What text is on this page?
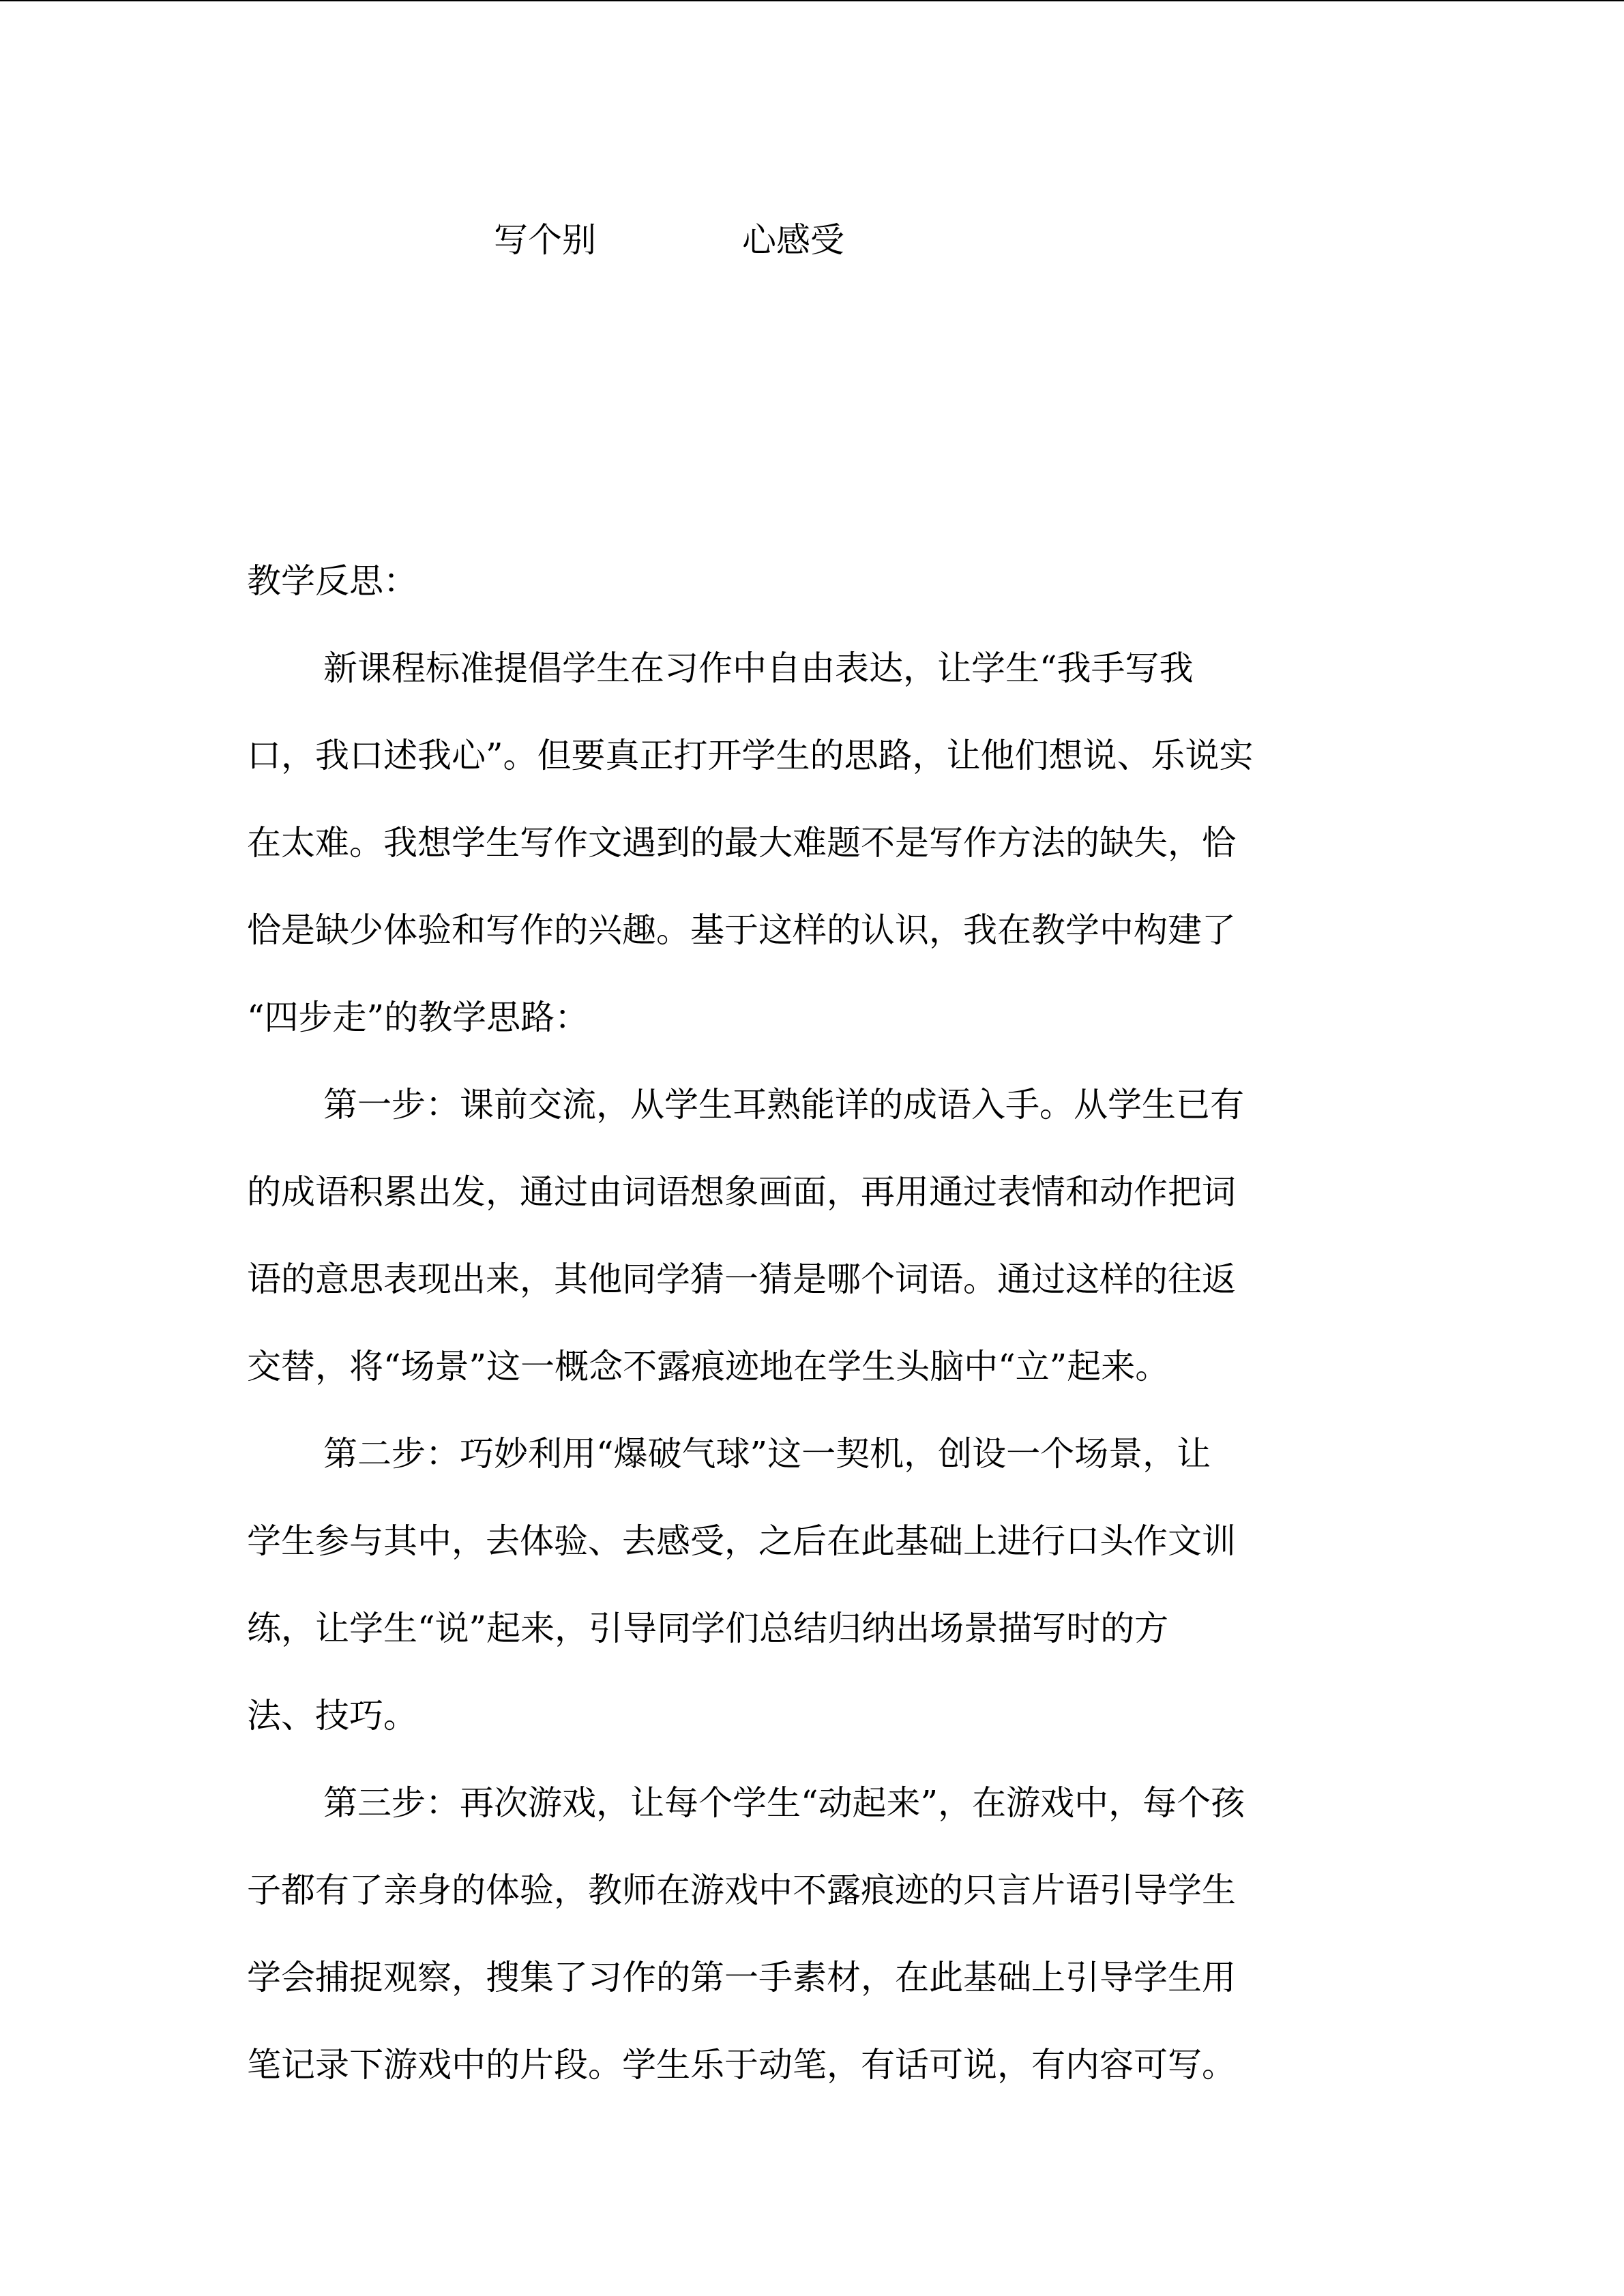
写个别	心感受

教学反思：

新课程标准提倡学生在习作中自由表达，让学生“我手写我

口，我口述我心”。但要真正打开学生的思路，让他们想说、乐说实

在太难。我想学生写作文遇到的最大难题不是写作方法的缺失，恰

恰是缺少体验和写作的兴趣。基于这样的认识，我在教学中构建了

“四步走”的教学思路：

第一步：课前交流，从学生耳熟能详的成语入手。从学生已有

的成语积累出发，通过由词语想象画面，再用通过表情和动作把词

语的意思表现出来，其他同学猜一猜是哪个词语。通过这样的往返

交替，将“场景”这一概念不露痕迹地在学生头脑中“立”起来。

第二步：巧妙利用“爆破气球”这一契机，创设一个场景，让

学生参与其中，去体验、去感受，之后在此基础上进行口头作文训

练，让学生“说”起来，引导同学们总结归纳出场景描写时的方

法、技巧。

第三步：再次游戏，让每个学生“动起来”，在游戏中，每个孩

子都有了亲身的体验，教师在游戏中不露痕迹的只言片语引导学生

学会捕捉观察，搜集了习作的第一手素材，在此基础上引导学生用

笔记录下游戏中的片段。学生乐于动笔，有话可说，有内容可写。
